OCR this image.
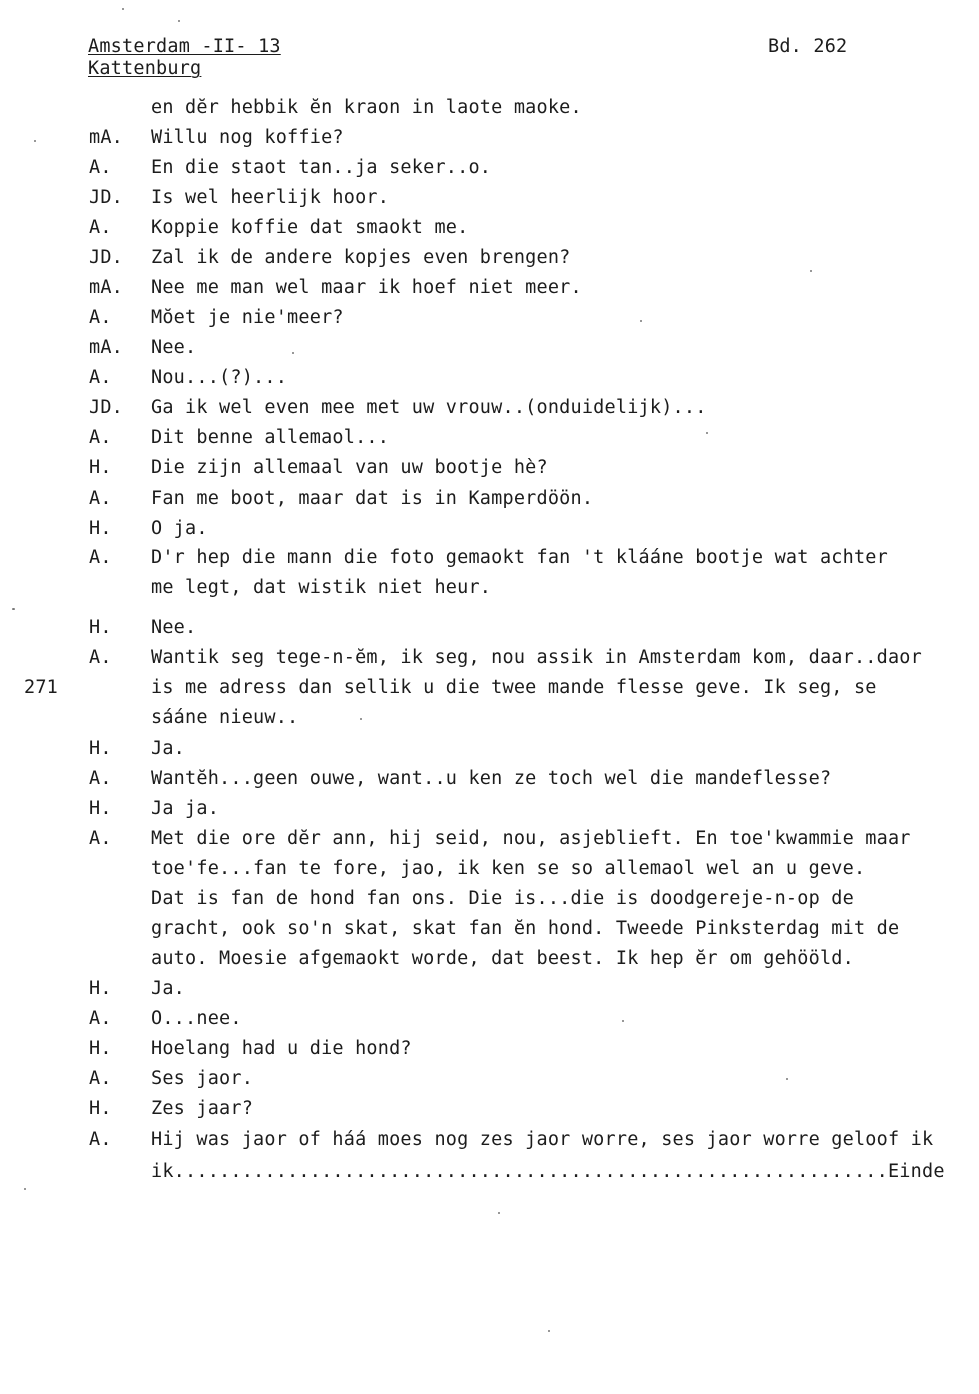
Amsterdam -II- 13
Kattenburg
Bd. 262
271
en dĕr hebbik ĕn kraon in laote maoke.
mA. Willu nog koffie?
A. En die staot tan..ja seker..o.
JD. Is wel heerlijk hoor.
A. Koppie koffie dat smaokt me.
JD. Zal ik de andere kopjes even brengen?
mA. Nee me man wel maar ik hoef niet meer.
A. Mŏet je nie'meer?
mA. Nee.
A. Nou...(?)...
JD. Ga ik wel even mee met uw vrouw..(onduidelijk)...
A. Dit benne allemaol...
H. Die zijn allemaal van uw bootje hè?
A. Fan me boot, maar dat is in Kamperdöön.
H. O ja.
A. D'r hep die mann die foto gemaokt fan 't klááne bootje wat achter
me legt, dat wistik niet heur.
H. Nee.
A. Wantik seg tege-n-ĕm, ik seg, nou assik in Amsterdam kom, daar..daor
is me adress dan sellik u die twee mande flesse geve. Ik seg, se
sááne nieuw..
H. Ja.
A. Wantĕh...geen ouwe, want..u ken ze toch wel die mandeflesse?
H. Ja ja.
A. Met die ore dĕr ann, hij seid, nou, asjeblieft. En toe'kwammie maar
toe'fe...fan te fore, jao, ik ken se so allemaol wel an u geve.
Dat is fan de hond fan ons. Die is...die is doodgereje-n-op de
gracht, ook so'n skat, skat fan ĕn hond. Tweede Pinksterdag mit de
auto. Moesie afgemaokt worde, dat beest. Ik hep ĕr om gehööld.
H. Ja.
A. O...nee.
H. Hoelang had u die hond?
A. Ses jaor.
H. Zes jaar?
A. Hij was jaor of háá moes nog zes jaor worre, ses jaor worre geloof ik
ik...............................................................Einde
